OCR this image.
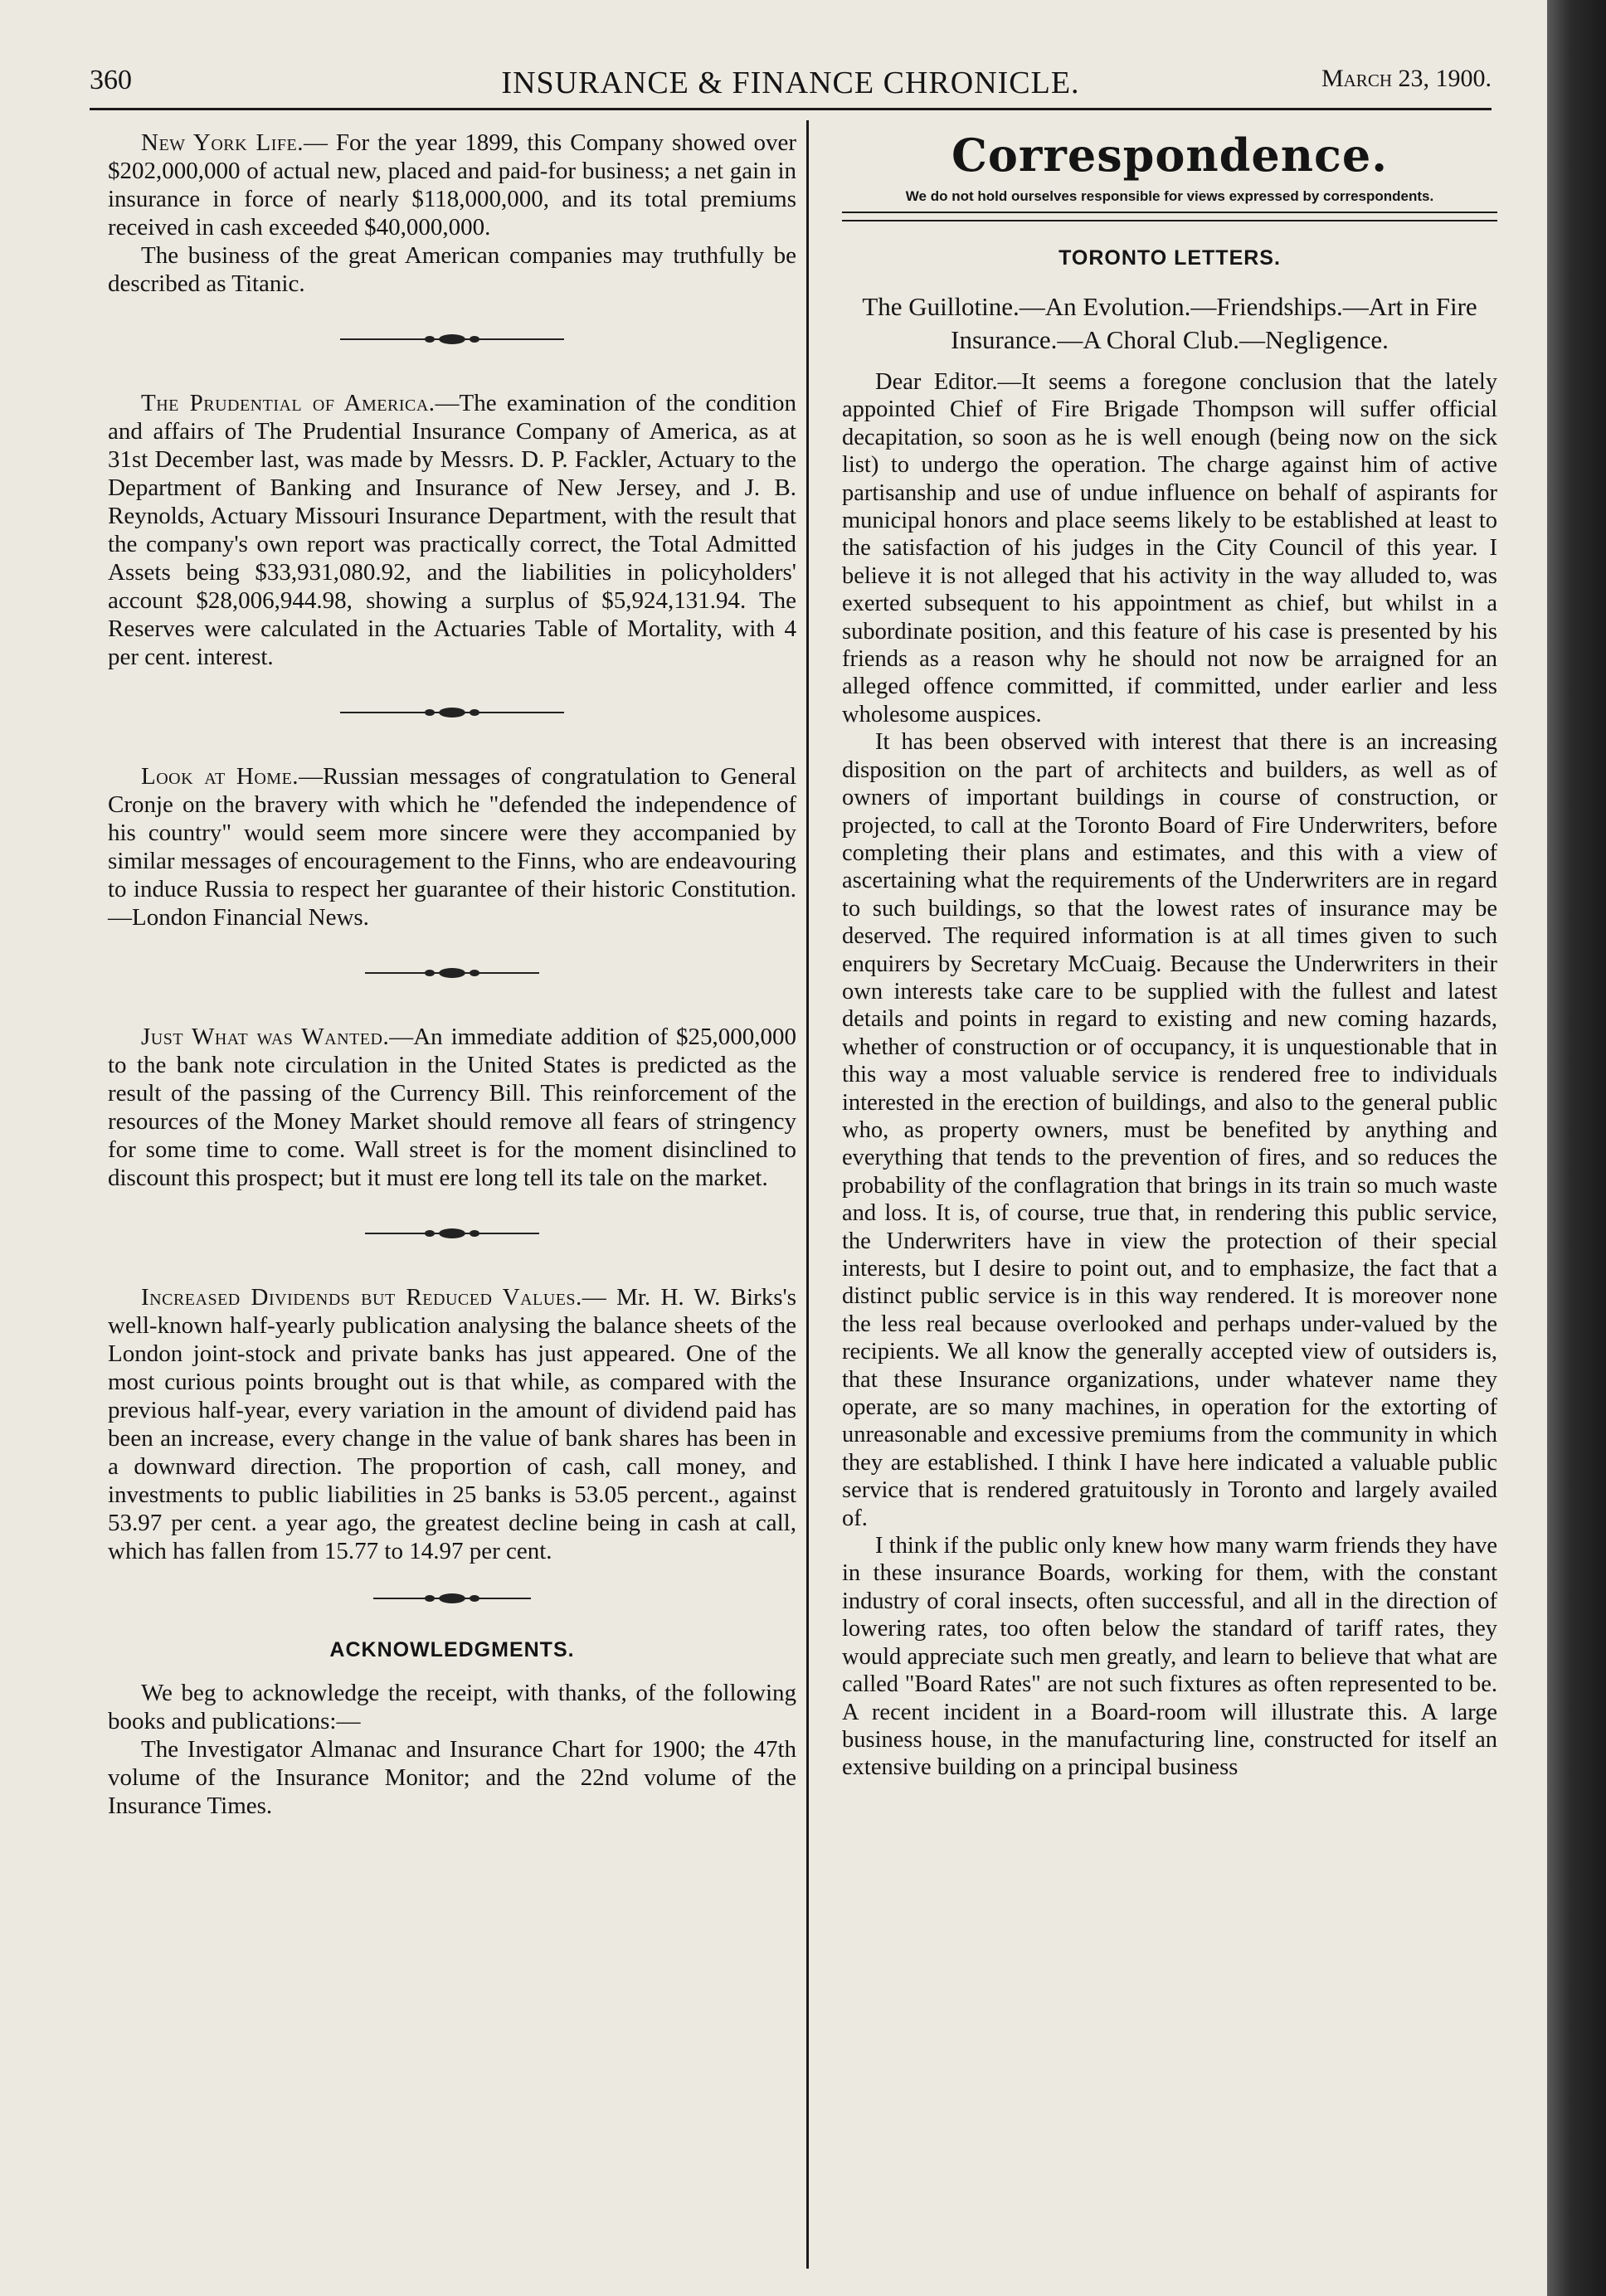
360	INSURANCE & FINANCE CHRONICLE.	March 23, 1900.

New York Life.— For the year 1899, this Company showed over $202,000,000 of actual new, placed and paid-for business; a net gain in insurance in force of nearly $118,000,000, and its total premiums received in cash exceeded $40,000,000.

The business of the great American companies may truthfully be described as Titanic.

The Prudential of America.—The examination of the condition and affairs of The Prudential Insurance Company of America, as at 31st December last, was made by Messrs. D. P. Fackler, Actuary to the Department of Banking and Insurance of New Jersey, and J. B. Reynolds, Actuary Missouri Insurance Department, with the result that the company's own report was practically correct, the Total Admitted Assets being $33,931,080.92, and the liabilities in policyholders' account $28,006,944.98, showing a surplus of $5,924,131.94. The Reserves were calculated in the Actuaries Table of Mortality, with 4 per cent. interest.

Look at Home.—Russian messages of congratulation to General Cronje on the bravery with which he "defended the independence of his country" would seem more sincere were they accompanied by similar messages of encouragement to the Finns, who are endeavouring to induce Russia to respect her guarantee of their historic Constitution.—London Financial News.

Just What was Wanted.—An immediate addition of $25,000,000 to the bank note circulation in the United States is predicted as the result of the passing of the Currency Bill. This reinforcement of the resources of the Money Market should remove all fears of stringency for some time to come. Wall street is for the moment disinclined to discount this prospect; but it must ere long tell its tale on the market.

Increased Dividends but Reduced Values.— Mr. H. W. Birks's well-known half-yearly publication analysing the balance sheets of the London joint-stock and private banks has just appeared. One of the most curious points brought out is that while, as compared with the previous half-year, every variation in the amount of dividend paid has been an increase, every change in the value of bank shares has been in a downward direction. The proportion of cash, call money, and investments to public liabilities in 25 banks is 53.05 percent., against 53.97 per cent. a year ago, the greatest decline being in cash at call, which has fallen from 15.77 to 14.97 per cent.

ACKNOWLEDGMENTS.

We beg to acknowledge the receipt, with thanks, of the following books and publications:—

The Investigator Almanac and Insurance Chart for 1900; the 47th volume of the Insurance Monitor; and the 22nd volume of the Insurance Times.

Correspondence.
We do not hold ourselves responsible for views expressed by correspondents.
TORONTO LETTERS.
The Guillotine.—An Evolution.—Friendships.—Art in Fire Insurance.—A Choral Club.—Negligence.

Dear Editor.—It seems a foregone conclusion that the lately appointed Chief of Fire Brigade Thompson will suffer official decapitation, so soon as he is well enough (being now on the sick list) to undergo the operation. The charge against him of active partisanship and use of undue influence on behalf of aspirants for municipal honors and place seems likely to be established at least to the satisfaction of his judges in the City Council of this year. I believe it is not alleged that his activity in the way alluded to, was exerted subsequent to his appointment as chief, but whilst in a subordinate position, and this feature of his case is presented by his friends as a reason why he should not now be arraigned for an alleged offence committed, if committed, under earlier and less wholesome auspices.

It has been observed with interest that there is an increasing disposition on the part of architects and builders, as well as of owners of important buildings in course of construction, or projected, to call at the Toronto Board of Fire Underwriters, before completing their plans and estimates, and this with a view of ascertaining what the requirements of the Underwriters are in regard to such buildings, so that the lowest rates of insurance may be deserved. The required information is at all times given to such enquirers by Secretary McCuaig. Because the Underwriters in their own interests take care to be supplied with the fullest and latest details and points in regard to existing and new coming hazards, whether of construction or of occupancy, it is unquestionable that in this way a most valuable service is rendered free to individuals interested in the erection of buildings, and also to the general public who, as property owners, must be benefited by anything and everything that tends to the prevention of fires, and so reduces the probability of the conflagration that brings in its train so much waste and loss. It is, of course, true that, in rendering this public service, the Underwriters have in view the protection of their special interests, but I desire to point out, and to emphasize, the fact that a distinct public service is in this way rendered. It is moreover none the less real because overlooked and perhaps under-valued by the recipients. We all know the generally accepted view of outsiders is, that these Insurance organizations, under whatever name they operate, are so many machines, in operation for the extorting of unreasonable and excessive premiums from the community in which they are established. I think I have here indicated a valuable public service that is rendered gratuitously in Toronto and largely availed of.

I think if the public only knew how many warm friends they have in these insurance Boards, working for them, with the constant industry of coral insects, often successful, and all in the direction of lowering rates, too often below the standard of tariff rates, they would appreciate such men greatly, and learn to believe that what are called "Board Rates" are not such fixtures as often represented to be. A recent incident in a Board-room will illustrate this. A large business house, in the manufacturing line, constructed for itself an extensive building on a principal business
